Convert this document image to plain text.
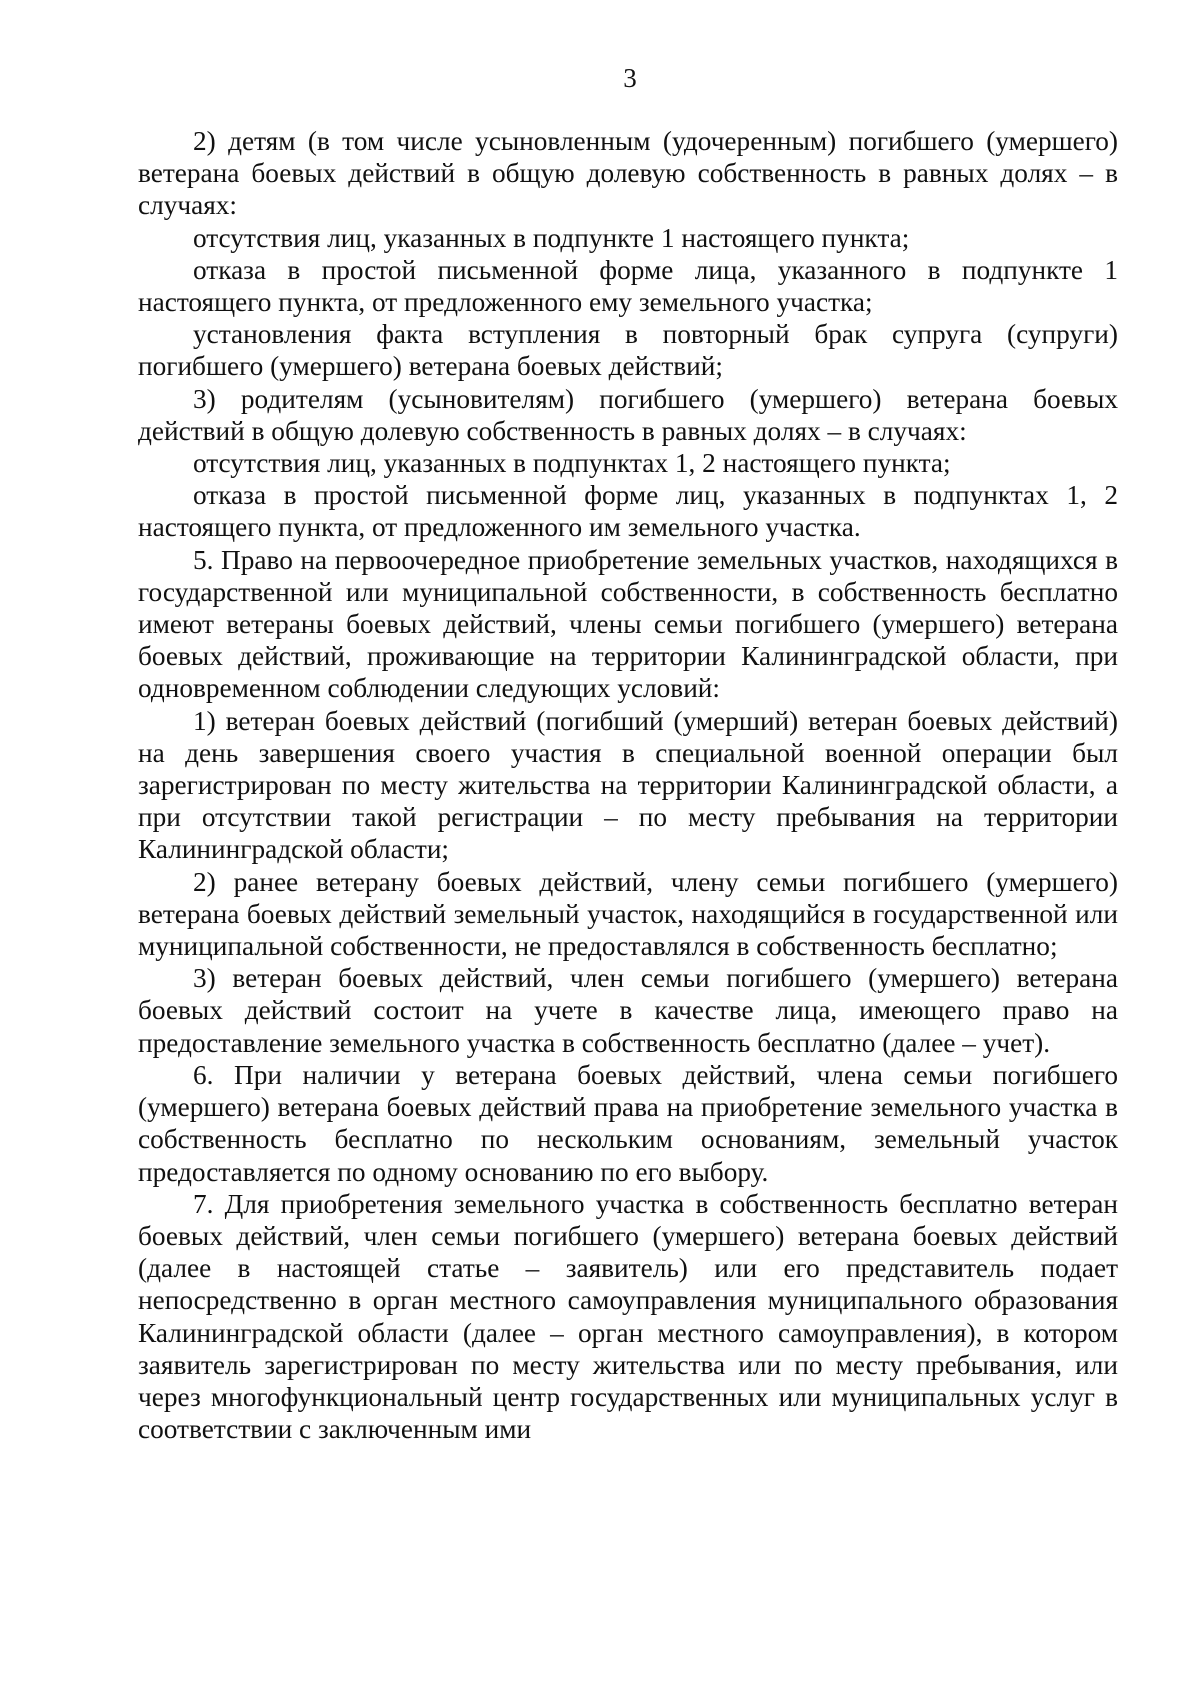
3

2) детям (в том числе усыновленным (удочеренным) погибшего (умершего) ветерана боевых действий в общую долевую собственность в равных долях – в случаях:

отсутствия лиц, указанных в подпункте 1 настоящего пункта;

отказа в простой письменной форме лица, указанного в подпункте 1 настоящего пункта, от предложенного ему земельного участка;

установления факта вступления в повторный брак супруга (супруги) погибшего (умершего) ветерана боевых действий;

3) родителям (усыновителям) погибшего (умершего) ветерана боевых действий в общую долевую собственность в равных долях – в случаях:

отсутствия лиц, указанных в подпунктах 1, 2 настоящего пункта;

отказа в простой письменной форме лиц, указанных в подпунктах 1, 2 настоящего пункта, от предложенного им земельного участка.

5. Право на первоочередное приобретение земельных участков, находящихся в государственной или муниципальной собственности, в собственность бесплатно имеют ветераны боевых действий, члены семьи погибшего (умершего) ветерана боевых действий, проживающие на территории Калининградской области, при одновременном соблюдении следующих условий:

1) ветеран боевых действий (погибший (умерший) ветеран боевых действий) на день завершения своего участия в специальной военной операции был зарегистрирован по месту жительства на территории Калининградской области, а при отсутствии такой регистрации – по месту пребывания на территории Калининградской области;

2) ранее ветерану боевых действий, члену семьи погибшего (умершего) ветерана боевых действий земельный участок, находящийся в государственной или муниципальной собственности, не предоставлялся в собственность бесплатно;

3) ветеран боевых действий, член семьи погибшего (умершего) ветерана боевых действий состоит на учете в качестве лица, имеющего право на предоставление земельного участка в собственность бесплатно (далее – учет).

6. При наличии у ветерана боевых действий, члена семьи погибшего (умершего) ветерана боевых действий права на приобретение земельного участка в собственность бесплатно по нескольким основаниям, земельный участок предоставляется по одному основанию по его выбору.

7. Для приобретения земельного участка в собственность бесплатно ветеран боевых действий, член семьи погибшего (умершего) ветерана боевых действий (далее в настоящей статье – заявитель) или его представитель подает непосредственно в орган местного самоуправления муниципального образования Калининградской области (далее – орган местного самоуправления), в котором заявитель зарегистрирован по месту жительства или по месту пребывания, или через многофункциональный центр государственных или муниципальных услуг в соответствии с заключенным ими
